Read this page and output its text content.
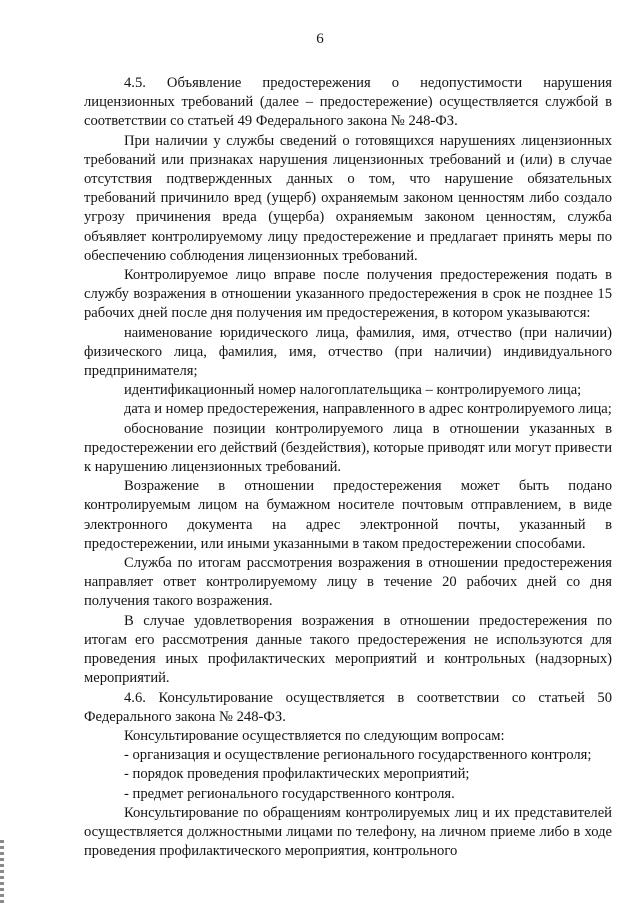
6

4.5. Объявление предостережения о недопустимости нарушения лицензионных требований (далее – предостережение) осуществляется службой в соответствии со статьей 49 Федерального закона № 248-ФЗ.

При наличии у службы сведений о готовящихся нарушениях лицензионных требований или признаках нарушения лицензионных требований и (или) в случае отсутствия подтвержденных данных о том, что нарушение обязательных требований причинило вред (ущерб) охраняемым законом ценностям либо создало угрозу причинения вреда (ущерба) охраняемым законом ценностям, служба объявляет контролируемому лицу предостережение и предлагает принять меры по обеспечению соблюдения лицензионных требований.

Контролируемое лицо вправе после получения предостережения подать в службу возражения в отношении указанного предостережения в срок не позднее 15 рабочих дней после дня получения им предостережения, в котором указываются:

наименование юридического лица, фамилия, имя, отчество (при наличии) физического лица, фамилия, имя, отчество (при наличии) индивидуального предпринимателя;

идентификационный номер налогоплательщика – контролируемого лица;

дата и номер предостережения, направленного в адрес контролируемого лица;

обоснование позиции контролируемого лица в отношении указанных в предостережении его действий (бездействия), которые приводят или могут привести к нарушению лицензионных требований.

Возражение в отношении предостережения может быть подано контролируемым лицом на бумажном носителе почтовым отправлением, в виде электронного документа на адрес электронной почты, указанный в предостережении, или иными указанными в таком предостережении способами.

Служба по итогам рассмотрения возражения в отношении предостережения направляет ответ контролируемому лицу в течение 20 рабочих дней со дня получения такого возражения.

В случае удовлетворения возражения в отношении предостережения по итогам его рассмотрения данные такого предостережения не используются для проведения иных профилактических мероприятий и контрольных (надзорных) мероприятий.

4.6. Консультирование осуществляется в соответствии со статьей 50 Федерального закона № 248-ФЗ.

Консультирование осуществляется по следующим вопросам:

- организация и осуществление регионального государственного контроля;

- порядок проведения профилактических мероприятий;

- предмет регионального государственного контроля.

Консультирование по обращениям контролируемых лиц и их представителей осуществляется должностными лицами по телефону, на личном приеме либо в ходе проведения профилактического мероприятия, контрольного
